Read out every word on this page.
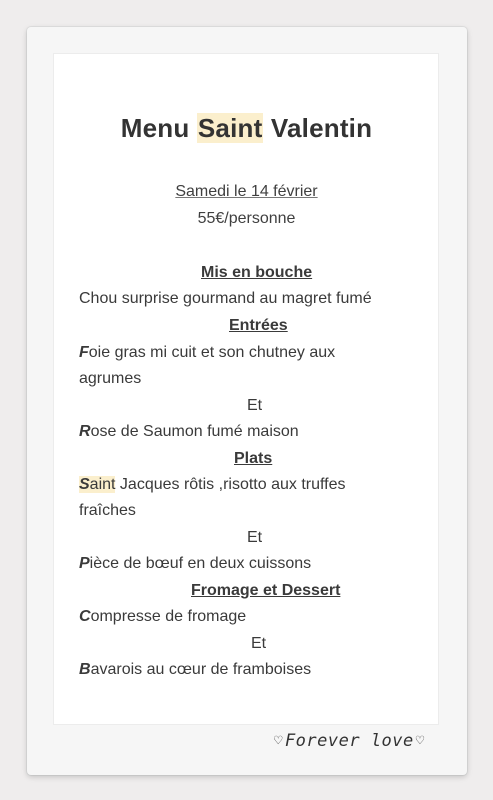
Menu Saint Valentin
Samedi le 14 février
55€/personne
Mis en bouche
Chou surprise gourmand au magret fumé
Entrées
Foie gras mi cuit et son chutney aux
agrumes
Et
Rose de Saumon fumé maison
Plats
Saint Jacques rôtis ,risotto aux truffes
fraîches
Et
Pièce de bœuf en deux cuissons
Fromage et Dessert
Compresse de fromage
Et
Bavarois au cœur de framboises
♡ Forever love ♡
